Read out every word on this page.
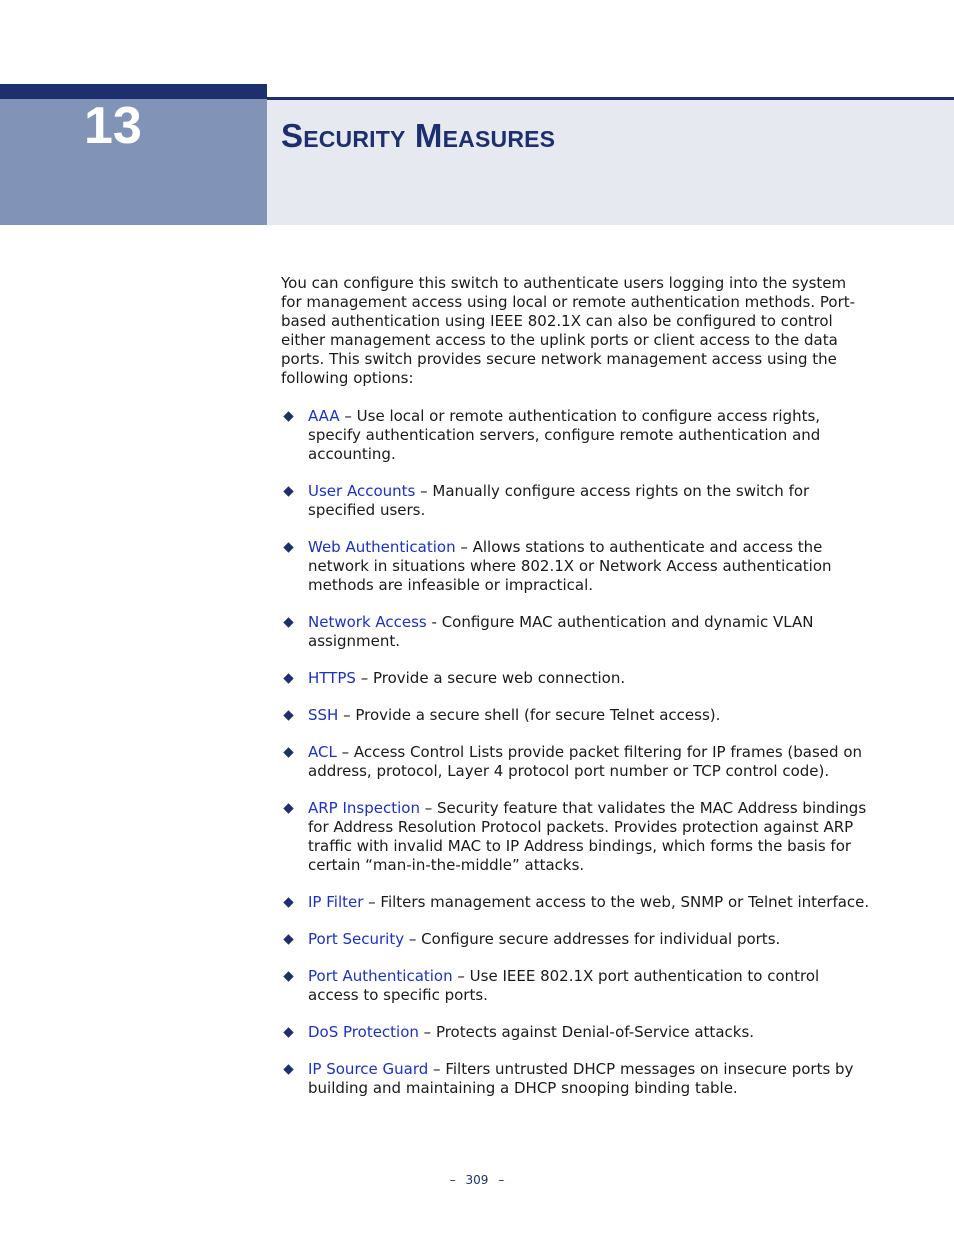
13	Security Measures

You can configure this switch to authenticate users logging into the system for management access using local or remote authentication methods. Port-based authentication using IEEE 802.1X can also be configured to control either management access to the uplink ports or client access to the data ports. This switch provides secure network management access using the following options:

AAA – Use local or remote authentication to configure access rights, specify authentication servers, configure remote authentication and accounting.
User Accounts – Manually configure access rights on the switch for specified users.
Web Authentication – Allows stations to authenticate and access the network in situations where 802.1X or Network Access authentication methods are infeasible or impractical.
Network Access - Configure MAC authentication and dynamic VLAN assignment.
HTTPS – Provide a secure web connection.
SSH – Provide a secure shell (for secure Telnet access).
ACL – Access Control Lists provide packet filtering for IP frames (based on address, protocol, Layer 4 protocol port number or TCP control code).
ARP Inspection – Security feature that validates the MAC Address bindings for Address Resolution Protocol packets. Provides protection against ARP traffic with invalid MAC to IP Address bindings, which forms the basis for certain “man-in-the-middle” attacks.
IP Filter – Filters management access to the web, SNMP or Telnet interface.
Port Security – Configure secure addresses for individual ports.
Port Authentication – Use IEEE 802.1X port authentication to control access to specific ports.
DoS Protection – Protects against Denial-of-Service attacks.
IP Source Guard – Filters untrusted DHCP messages on insecure ports by building and maintaining a DHCP snooping binding table.
– 309 –
